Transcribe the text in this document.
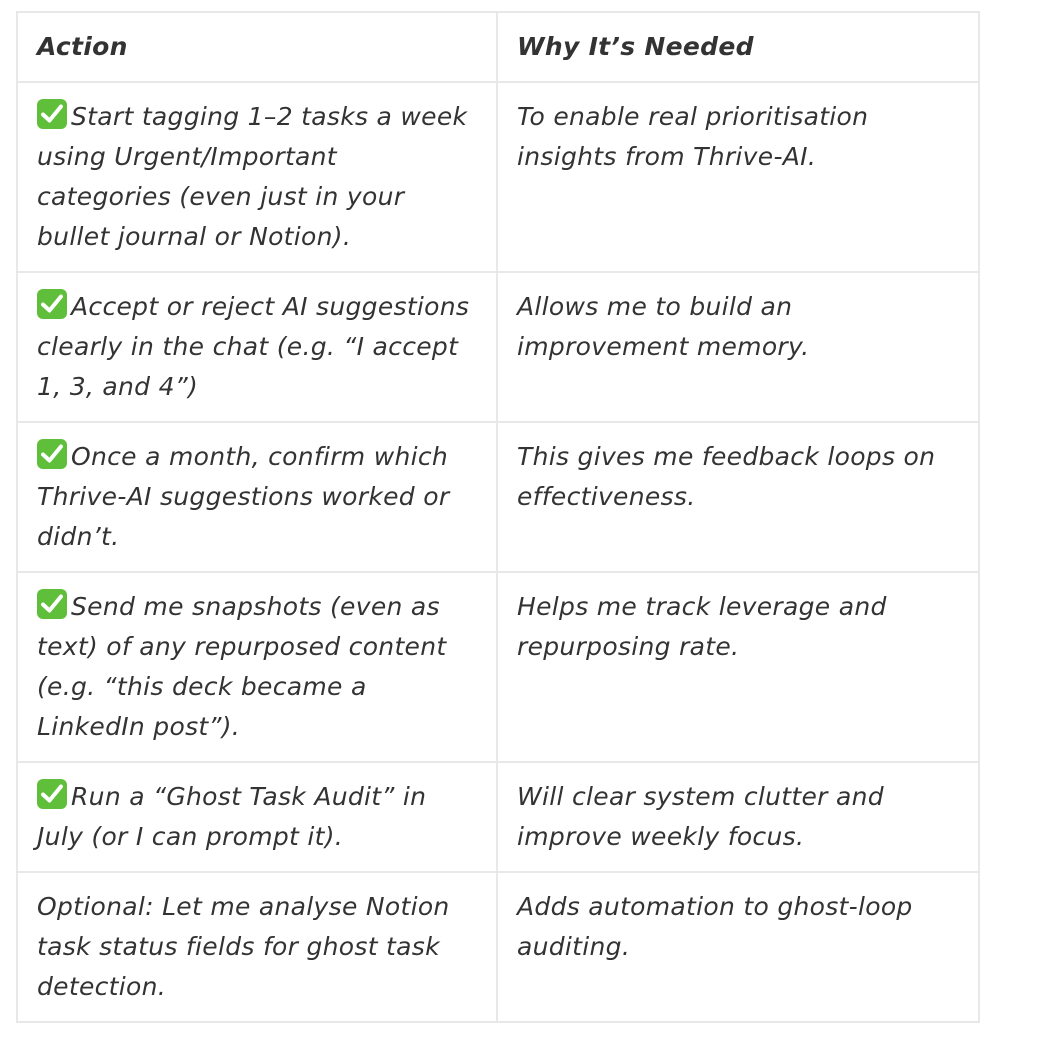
Action	Why It’s Needed

Start tagging 1–2 tasks a week using Urgent/Important categories (even just in your bullet journal or Notion).	To enable real prioritisation insights from Thrive-AI.

Accept or reject AI suggestions clearly in the chat (e.g. “I accept 1, 3, and 4”)	Allows me to build an improvement memory.

Once a month, confirm which Thrive-AI suggestions worked or didn’t.	This gives me feedback loops on effectiveness.

Send me snapshots (even as text) of any repurposed content (e.g. “this deck became a LinkedIn post”).	Helps me track leverage and repurposing rate.

Run a “Ghost Task Audit” in July (or I can prompt it).	Will clear system clutter and improve weekly focus.
Optional: Let me analyse Notion task status fields for ghost task detection.	Adds automation to ghost-loop auditing.
